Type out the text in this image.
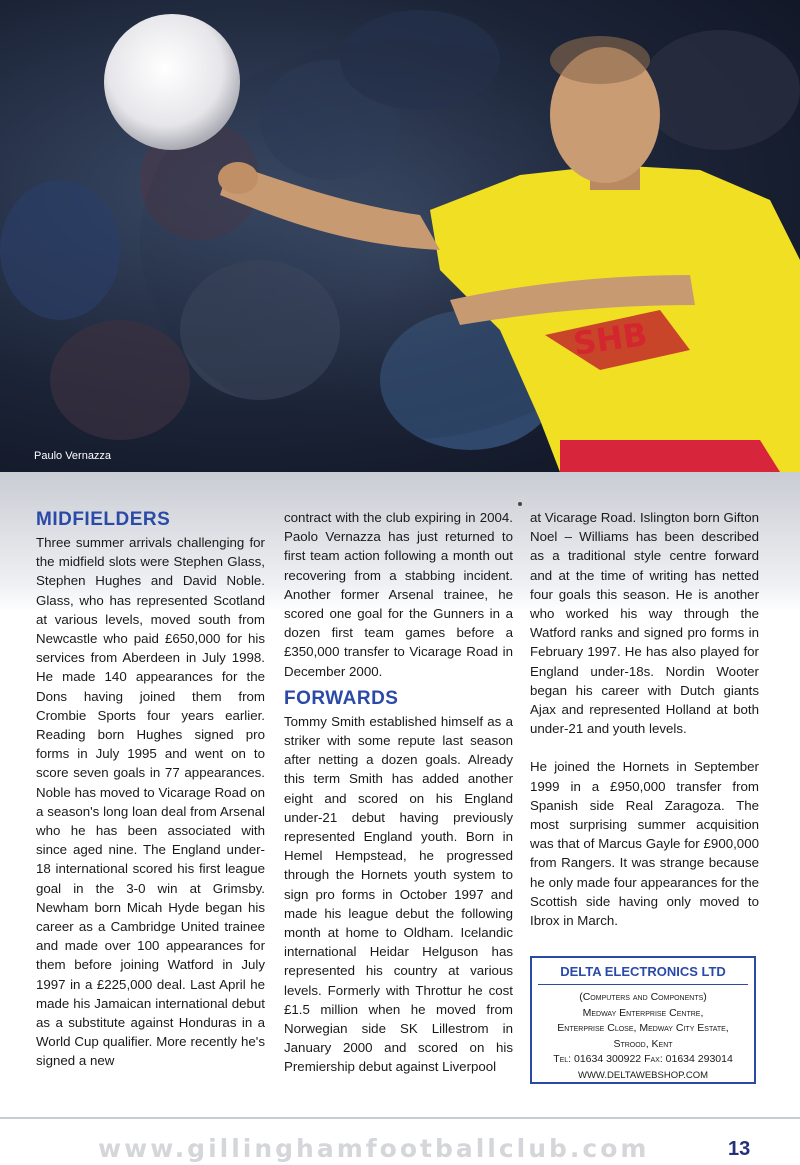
SHB
Paulo Vernazza
MIDFIELDERS

Three summer arrivals challenging for the midfield slots were Stephen Glass, Stephen Hughes and David Noble. Glass, who has represented Scotland at various levels, moved south from Newcastle who paid £650,000 for his services from Aberdeen in July 1998. He made 140 appearances for the Dons having joined them from Crombie Sports four years earlier. Reading born Hughes signed pro forms in July 1995 and went on to score seven goals in 77 appearances. Noble has moved to Vicarage Road on a season's long loan deal from Arsenal who he has been associated with since aged nine. The England under-18 international scored his first league goal in the 3-0 win at Grimsby. Newham born Micah Hyde began his career as a Cambridge United trainee and made over 100 appearances for them before joining Watford in July 1997 in a £225,000 deal. Last April he made his Jamaican international debut as a substitute against Honduras in a World Cup qualifier. More recently he's signed a new

contract with the club expiring in 2004. Paolo Vernazza has just returned to first team action following a month out recovering from a stabbing incident. Another former Arsenal trainee, he scored one goal for the Gunners in a dozen first team games before a £350,000 transfer to Vicarage Road in December 2000.

FORWARDS

Tommy Smith established himself as a striker with some repute last season after netting a dozen goals. Already this term Smith has added another eight and scored on his England under-21 debut having previously represented England youth. Born in Hemel Hempstead, he progressed through the Hornets youth system to sign pro forms in October 1997 and made his league debut the following month at home to Oldham. Icelandic international Heidar Helguson has represented his country at various levels. Formerly with Throttur he cost £1.5 million when he moved from Norwegian side SK Lillestrom in January 2000 and scored on his Premiership debut against Liverpool

at Vicarage Road. Islington born Gifton Noel – Williams has been described as a traditional style centre forward and at the time of writing has netted four goals this season. He is another who worked his way through the Watford ranks and signed pro forms in February 1997. He has also played for England under-18s. Nordin Wooter began his career with Dutch giants Ajax and represented Holland at both under-21 and youth levels.

He joined the Hornets in September 1999 in a £950,000 transfer from Spanish side Real Zaragoza. The most surprising summer acquisition was that of Marcus Gayle for £900,000 from Rangers. It was strange because he only made four appearances for the Scottish side having only moved to Ibrox in March.

DELTA ELECTRONICS LTD
(Computers and Components)
Medway Enterprise Centre,
Enterprise Close, Medway City Estate,
Strood, Kent
Tel: 01634 300922 Fax: 01634 293014
WWW.DELTAWEBSHOP.COM
www.gillinghamfootballclub.com	13
